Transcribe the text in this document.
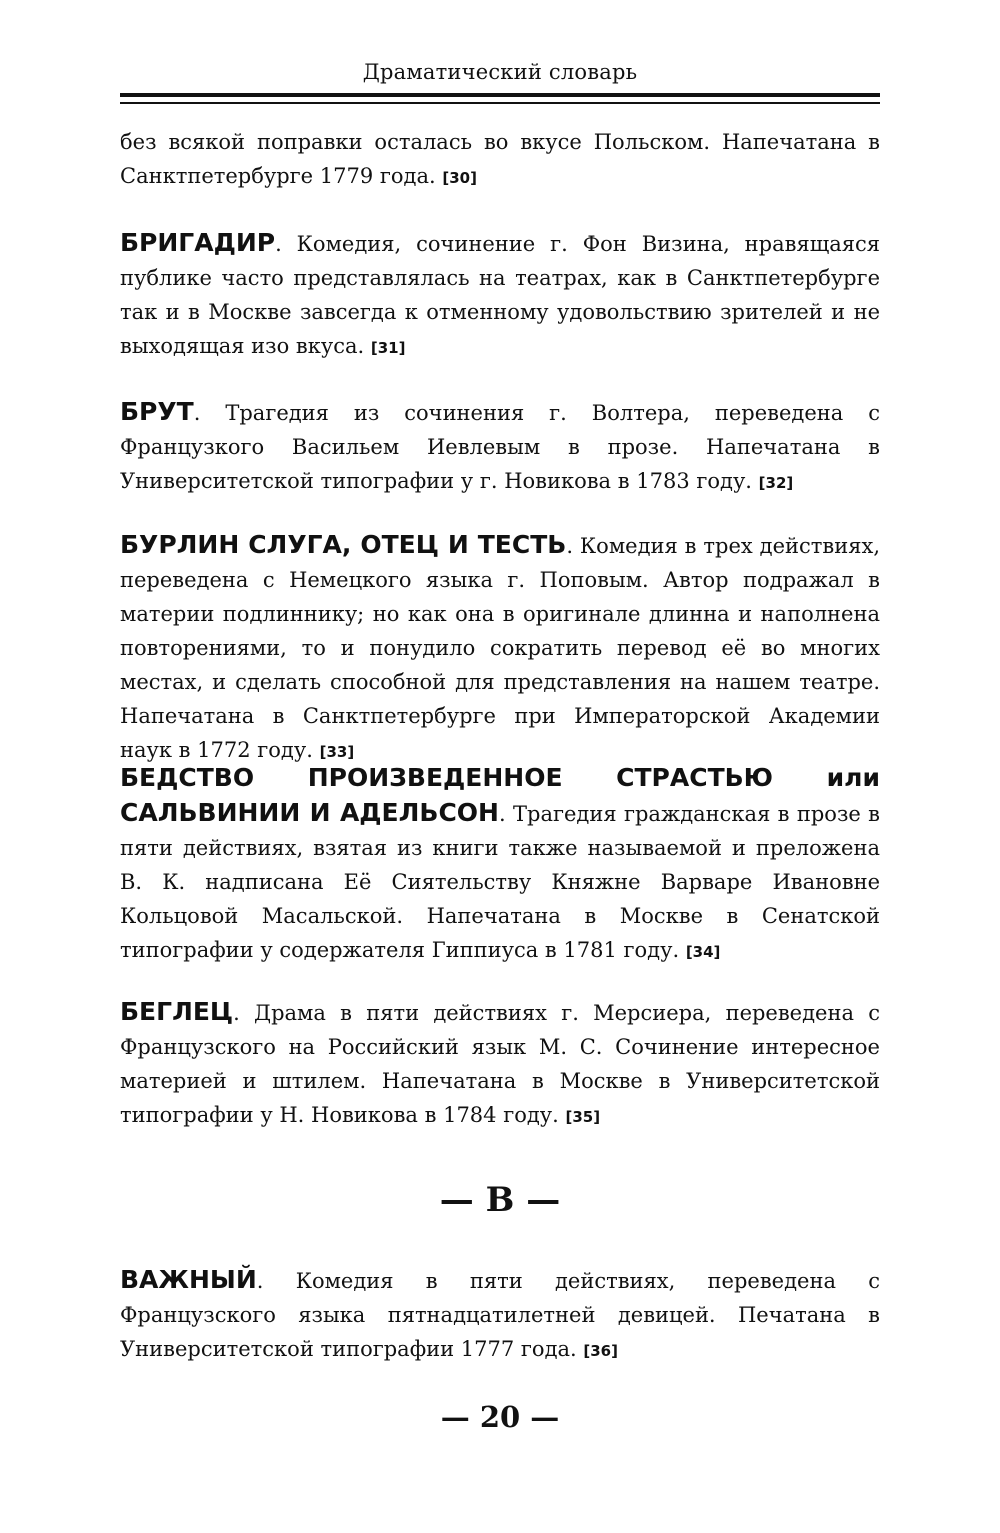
Драматический словарь

без всякой поправки осталась во вкусе Польском. Напечатана в Санктпетербурге 1779 года. [30]

БРИГАДИР. Комедия, сочинение г. Фон Визина, нравящаяся публике часто представлялась на театрах, как в Санктпетербурге так и в Москве завсегда к отменному удовольствию зрителей и не выходящая изо вкуса. [31]

БРУТ. Трагедия из сочинения г. Волтера, переведена с Французкого Васильем Иевлевым в прозе. Напечатана в Университетской типографии у г. Новикова в 1783 году. [32]

БУРЛИН СЛУГА, ОТЕЦ И ТЕСТЬ. Комедия в трех действиях, переведена с Немецкого языка г. Поповым. Автор подражал в материи подлиннику; но как она в оригинале длинна и наполнена повторениями, то и понудило сократить перевод её во многих местах, и сделать способной для представления на нашем театре. Напечатана в Санктпетербурге при Императорской Академии наук в 1772 году. [33]

БЕДСТВО ПРОИЗВЕДЕННОЕ СТРАСТЬЮ или САЛЬВИНИИ И АДЕЛЬСОН. Трагедия гражданская в прозе в пяти действиях, взятая из книги также называемой и преложена В. К. надписана Её Сиятельству Княжне Варваре Ивановне Кольцовой Масальской. Напечатана в Москве в Сенатской типографии у содержателя Гиппиуса в 1781 году. [34]

БЕГЛЕЦ. Драма в пяти действиях г. Мерсиера, переведена с Французского на Российский язык М. С. Сочинение интересное материей и штилем. Напечатана в Москве в Университетской типографии у Н. Новикова в 1784 году. [35]

— В —

ВАЖНЫЙ. Комедия в пяти действиях, переведена с Французского языка пятнадцатилетней девицей. Печатана в Университетской типографии 1777 года. [36]

— 20 —
